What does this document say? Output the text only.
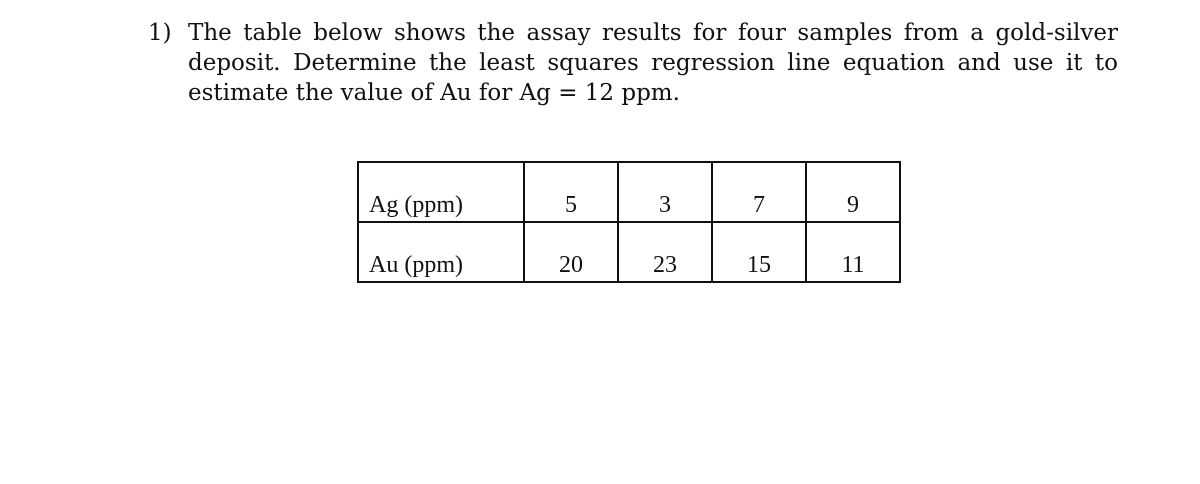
1) The table below shows the assay results for four samples from a gold-silver deposit. Determine the least squares regression line equation and use it to estimate the value of Au for Ag = 12 ppm.
Ag (ppm)	5	3	7	9
Au (ppm)	20	23	15	11
